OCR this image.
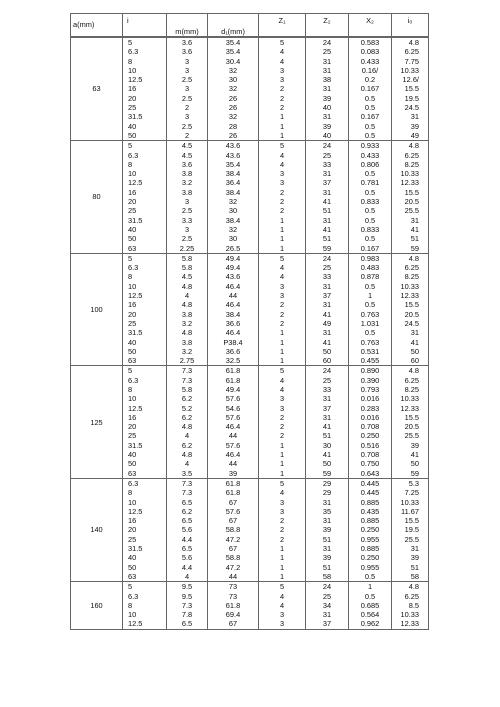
a(mm)	i	m(mm)	d₁(mm)	Z₁	Z₂	X₂	i₀
63	5	3.6	35.4	5	24	0.583	4.8
	6.3	3.6	35.4	4	25	0.083	6.25
	8	3	30.4	4	31	0.433	7.75
	10	3	32	3	31	0.16/	10.33
	12.5	2.5	30	3	38	0.2	12.6/
	16	3	32	2	31	0.167	15.5
	20	2.5	26	2	39	0.5	19.5
	25	2	26	2	40	0.5	24.5
	31.5	3	32	1	31	0.167	31
	40	2.5	28	1	39	0.5	39
	50	2	26	1	40	0.5	49
80	5	4.5	43.6	5	24	0.933	4.8
	6.3	4.5	43.6	4	25	0.433	6.25
	8	3.6	35.4	4	33	0.806	8.25
	10	3.8	38.4	3	31	0.5	10.33
	12.5	3.2	36.4	3	37	0.781	12.33
	16	3.8	38.4	2	31	0.5	15.5
	20	3	32	2	41	0.833	20.5
	25	2.5	30	2	51	0.5	25.5
	31.5	3.3	38.4	1	31	0.5	31
	40	3	32	1	41	0.833	41
	50	2.5	30	1	51	0.5	51
	63	2.25	26.5	1	59	0.167	59
100	5	5.8	49.4	5	24	0.983	4.8
	6.3	5.8	49.4	4	25	0.483	6.25
	8	4.5	43.6	4	33	0.878	8.25
	10	4.8	46.4	3	31	0.5	10.33
	12.5	4	44	3	37	1	12.33
	16	4.8	46.4	2	31	0.5	15.5
	20	3.8	38.4	2	41	0.763	20.5
	25	3.2	36.6	2	49	1.031	24.5
	31.5	4.8	46.4	1	31	0.5	31
	40	3.8	P38.4	1	41	0.763	41
	50	3.2	36.6	1	50	0.531	50
	63	2.75	32.5	1	60	0.455	60
125	5	7.3	61.8	5	24	0.890	4.8
	6.3	7.3	61.8	4	25	0.390	6.25
	8	5.8	49.4	4	33	0.793	8.25
	10	6.2	57.6	3	31	0.016	10.33
	12.5	5.2	54.6	3	37	0.283	12.33
	16	6.2	57.6	2	31	0.016	15.5
	20	4.8	46.4	2	41	0.708	20.5
	25	4	44	2	51	0.250	25.5
	31.5	6.2	57.6	1	30	0.516	39
	40	4.8	46.4	1	41	0.708	41
	50	4	44	1	50	0.750	50
	63	3.5	39	1	59	0.643	59
140	6.3	7.3	61.8	5	29	0.445	5.3
	8	7.3	61.8	4	29	0.445	7.25
	10	6.5	67	3	31	0.885	10.33
	12.5	6.2	57.6	3	35	0.435	11.67
	16	6.5	67	2	31	0.885	15.5
	20	5.6	58.8	2	39	0.250	19.5
	25	4.4	47.2	2	51	0.955	25.5
	31.5	6.5	67	1	31	0.885	31
	40	5.6	58.8	1	39	0.250	39
	50	4.4	47.2	1	51	0.955	51
	63	4	44	1	58	0.5	58
160	5	9.5	73	5	24	1	4.8
	6.3	9.5	73	4	25	0.5	6.25
	8	7.3	61.8	4	34	0.685	8.5
	10	7.8	69.4	3	31	0.564	10.33
	12.5	6.5	67	3	37	0.962	12.33
